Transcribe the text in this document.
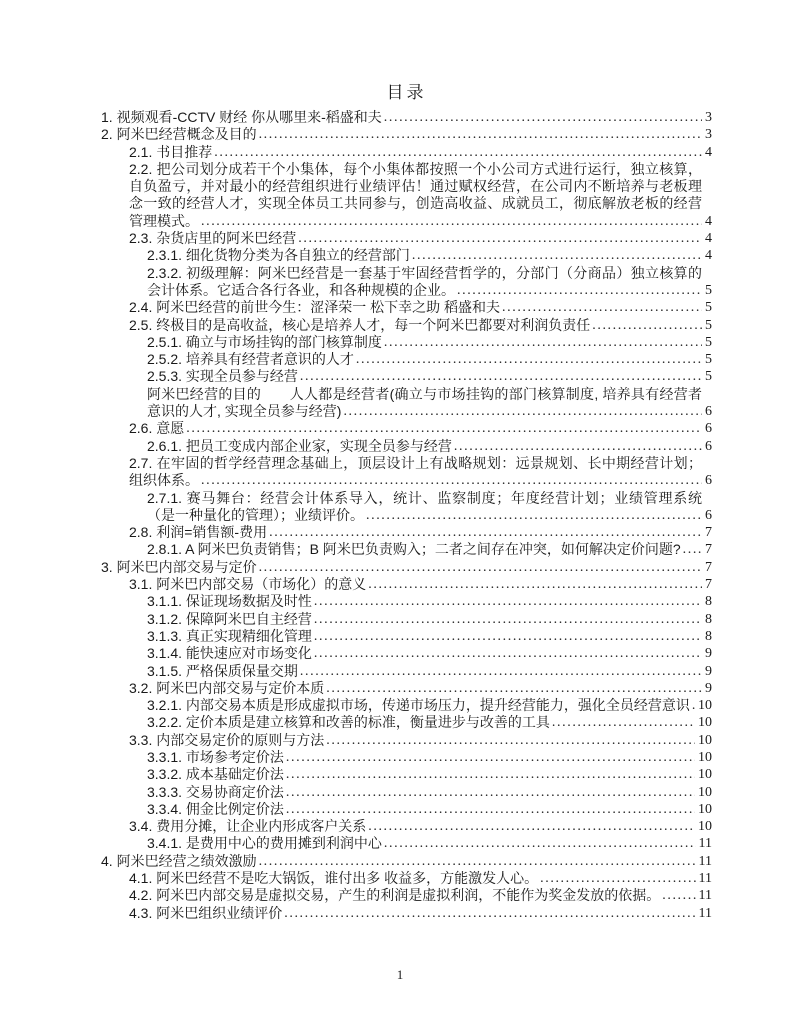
目录
1. 视频观看-CCTV 财经 你从哪里来-稻盛和夫 .....	3
2. 阿米巴经营概念及目的 .....	3
2.1. 书目推荐 .....	4
2.2. 把公司划分成若干个小集体，每个小集体都按照一个小公司方式进行运行，独立核算，自负盈亏，并对最小的经营组织进行业绩评估！通过赋权经营，在公司内不断培养与老板理念一致的经营人才，实现全体员工共同参与，创造高收益、成就员工，彻底解放老板的经营管理模式。 .....	4
2.3. 杂货店里的阿米巴经营 .....	4
2.3.1. 细化货物分类为各自独立的经营部门 .....	4
2.3.2. 初级理解：阿米巴经营是一套基于牢固经营哲学的，分部门（分商品）独立核算的会计体系。它适合各行各业，和各种规模的企业。 .....	5
2.4. 阿米巴经营的前世今生：涩泽荣一 松下幸之助 稻盛和夫 .....	5
2.5. 终极目的是高收益，核心是培养人才，每一个阿米巴都要对利润负责任 .....	5
2.5.1. 确立与市场挂钩的部门核算制度 .....	5
2.5.2. 培养具有经营者意识的人才 .....	5
2.5.3. 实现全员参与经营 .....	5
阿米巴经营的目的　　人人都是经营者(确立与市场挂钩的部门核算制度, 培养具有经营者意识的人才, 实现全员参与经营) .....	6
2.6. 意愿 .....	6
2.6.1. 把员工变成内部企业家，实现全员参与经营 .....	6
2.7. 在牢固的哲学经营理念基础上，顶层设计上有战略规划：远景规划、长中期经营计划；组织体系。 .....	6
2.7.1. 赛马舞台：经营会计体系导入，统计、监察制度；年度经营计划；业绩管理系统（是一种量化的管理）；业绩评价。 .....	6
2.8. 利润=销售额-费用 .....	7
2.8.1. A 阿米巴负责销售；B 阿米巴负责购入；二者之间存在冲突，如何解决定价问题? .....	7
3. 阿米巴内部交易与定价 .....	7
3.1. 阿米巴内部交易（市场化）的意义 .....	7
3.1.1. 保证现场数据及时性 .....	8
3.1.2. 保障阿米巴自主经营 .....	8
3.1.3. 真正实现精细化管理 .....	8
3.1.4. 能快速应对市场变化 .....	9
3.1.5. 严格保质保量交期 .....	9
3.2. 阿米巴内部交易与定价本质 .....	9
3.2.1. 内部交易本质是形成虚拟市场，传递市场压力，提升经营能力，强化全员经营意识 ..... 10
3.2.2. 定价本质是建立核算和改善的标准，衡量进步与改善的工具 .....	10
3.3. 内部交易定价的原则与方法 .....	10
3.3.1. 市场参考定价法 .....	10
3.3.2. 成本基础定价法 .....	10
3.3.3. 交易协商定价法 .....	10
3.3.4. 佣金比例定价法 .....	10
3.4. 费用分摊，让企业内形成客户关系 .....	10
3.4.1. 是费用中心的费用摊到利润中心 .....	11
4. 阿米巴经营之绩效激励 .....	11
4.1. 阿米巴经营不是吃大锅饭，谁付出多 收益多，方能激发人心。 .....	11
4.2. 阿米巴内部交易是虚拟交易，产生的利润是虚拟利润，不能作为奖金发放的依据。 .....	11
4.3. 阿米巴组织业绩评价 .....	11
1
